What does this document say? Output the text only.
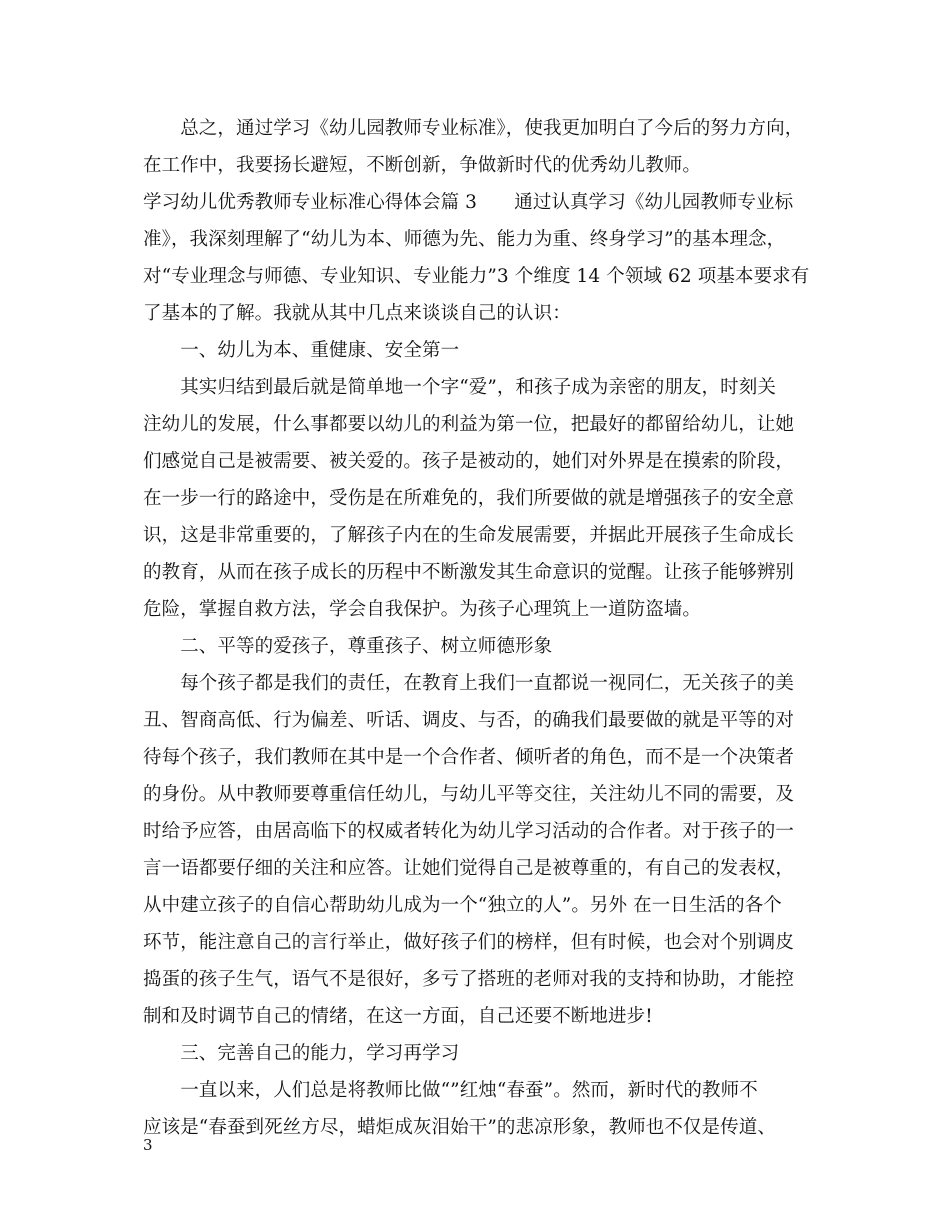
　　总之，通过学习《幼儿园教师专业标准》，使我更加明白了今后的努力方向，
在工作中，我要扬长避短，不断创新，争做新时代的优秀幼儿教师。
学习幼儿优秀教师专业标准心得体会篇 3　　通过认真学习《幼儿园教师专业标
准》，我深刻理解了“幼儿为本、师德为先、能力为重、终身学习”的基本理念，
对“专业理念与师德、专业知识、专业能力”3 个维度 14 个领域 62 项基本要求有
了基本的了解。我就从其中几点来谈谈自己的认识：
　　一、幼儿为本、重健康、安全第一
　　其实归结到最后就是简单地一个字“爱”，和孩子成为亲密的朋友，时刻关
注幼儿的发展，什么事都要以幼儿的利益为第一位，把最好的都留给幼儿，让她
们感觉自己是被需要、被关爱的。孩子是被动的，她们对外界是在摸索的阶段，
在一步一行的路途中，受伤是在所难免的，我们所要做的就是增强孩子的安全意
识，这是非常重要的，了解孩子内在的生命发展需要，并据此开展孩子生命成长
的教育，从而在孩子成长的历程中不断激发其生命意识的觉醒。让孩子能够辨别
危险，掌握自救方法，学会自我保护。为孩子心理筑上一道防盗墙。
　　二、平等的爱孩子，尊重孩子、树立师德形象
　　每个孩子都是我们的责任，在教育上我们一直都说一视同仁，无关孩子的美
丑、智商高低、行为偏差、听话、调皮、与否，的确我们最要做的就是平等的对
待每个孩子，我们教师在其中是一个合作者、倾听者的角色，而不是一个决策者
的身份。从中教师要尊重信任幼儿，与幼儿平等交往，关注幼儿不同的需要，及
时给予应答，由居高临下的权威者转化为幼儿学习活动的合作者。对于孩子的一
言一语都要仔细的关注和应答。让她们觉得自己是被尊重的，有自己的发表权，
从中建立孩子的自信心帮助幼儿成为一个“独立的人”。另外 在一日生活的各个
环节，能注意自己的言行举止，做好孩子们的榜样，但有时候，也会对个别调皮
捣蛋的孩子生气，语气不是很好，多亏了搭班的老师对我的支持和协助，才能控
制和及时调节自己的情绪，在这一方面，自己还要不断地进步!
　　三、完善自己的能力，学习再学习
　　一直以来，人们总是将教师比做“”红烛“春蚕”。然而，新时代的教师不
应该是“春蚕到死丝方尽，蜡炬成灰泪始干”的悲凉形象，教师也不仅是传道、
3
